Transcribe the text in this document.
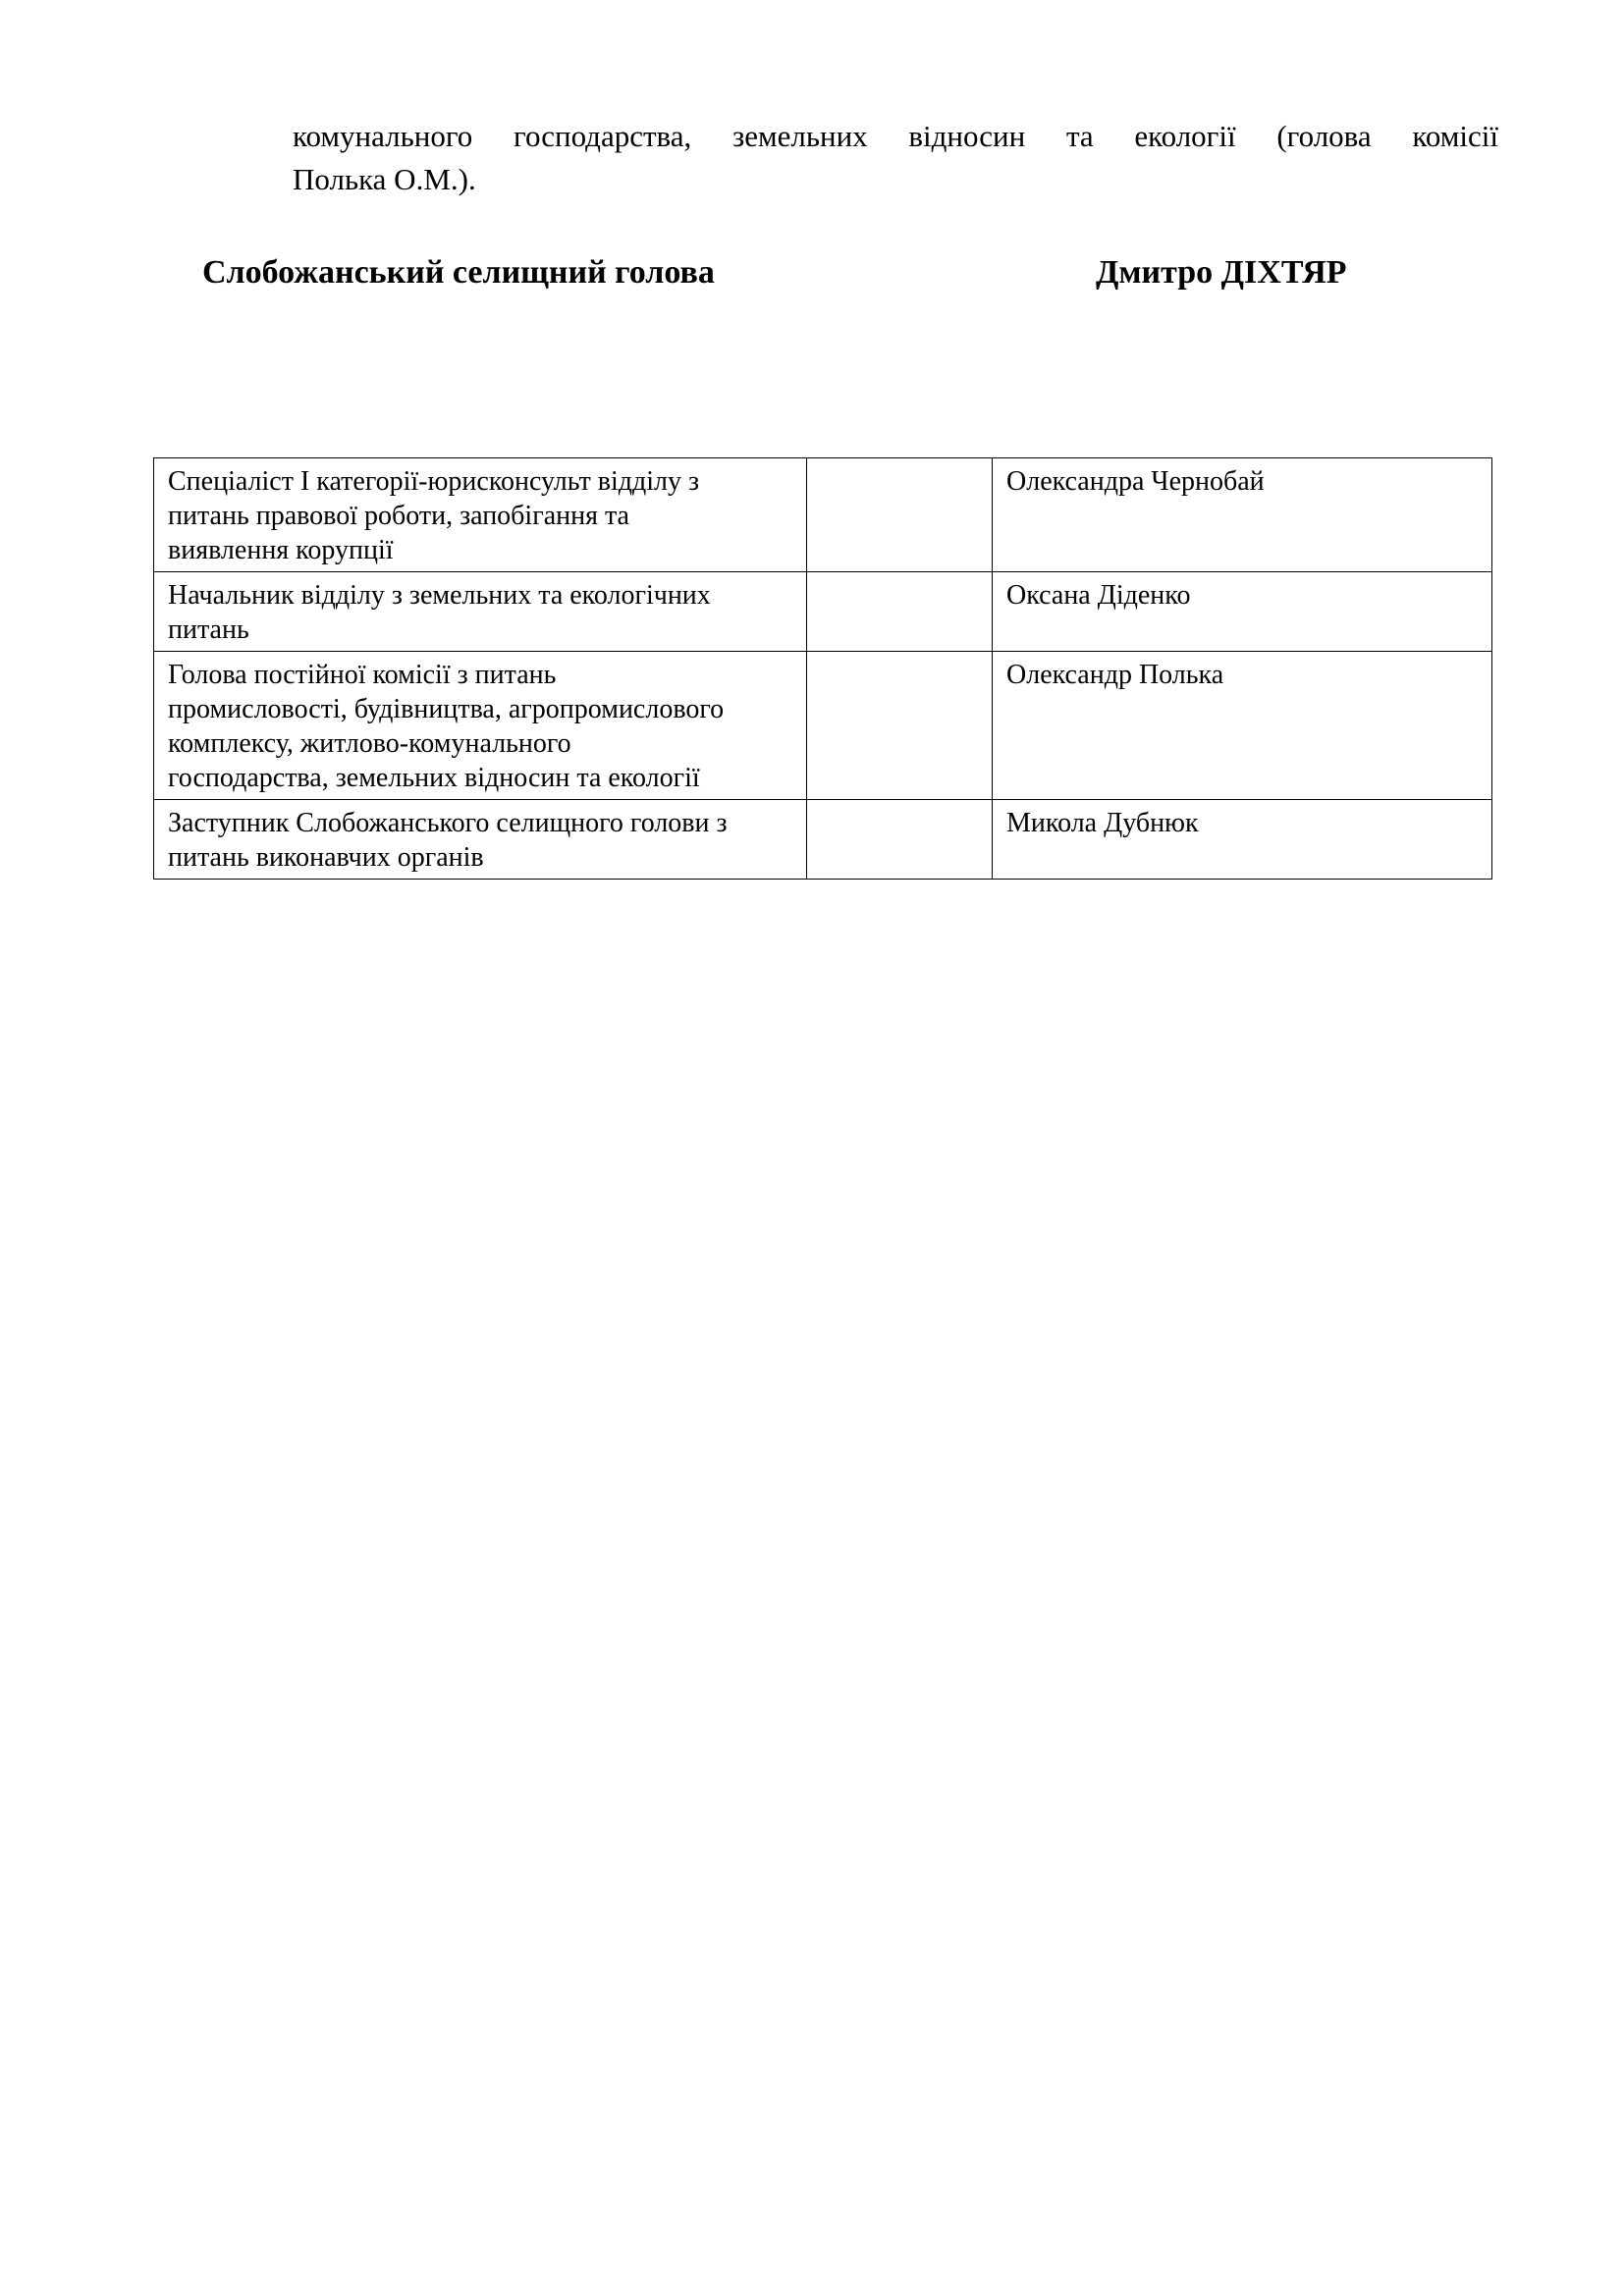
комунального господарства, земельних відносин та екології (голова комісії
Полька О.М.).
Слобожанський селищний голова	Дмитро ДІХТЯР
Спеціаліст І категорії-юрисконсульт відділу з
питань правової роботи, запобігання та
виявлення корупції		Олександра Чернобай

Начальник відділу з земельних та екологічних
питань		Оксана Діденко

Голова постійної комісії з питань
промисловості, будівництва, агропромислового
комплексу, житлово-комунального
господарства, земельних відносин та екології		Олександр Полька

Заступник Слобожанського селищного голови з
питань виконавчих органів		Микола Дубнюк
